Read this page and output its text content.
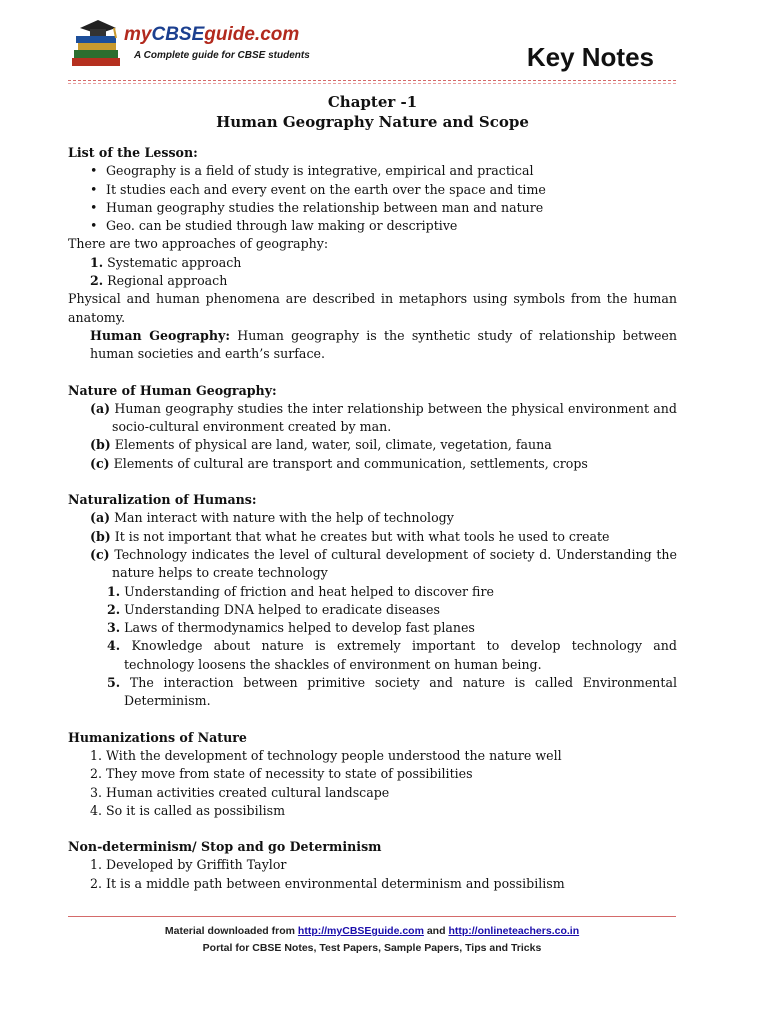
myCBSEguide.com
A Complete guide for CBSE students	Key Notes
Chapter -1
Human Geography Nature and Scope
List of the Lesson:
• Geography is a field of study is integrative, empirical and practical
• It studies each and every event on the earth over the space and time
• Human geography studies the relationship between man and nature
• Geo. can be studied through law making or descriptive
There are two approaches of geography:
1. Systematic approach
2. Regional approach
Physical and human phenomena are described in metaphors using symbols from the human anatomy.
Human Geography: Human geography is the synthetic study of relationship between human societies and earth’s surface.
Nature of Human Geography:
(a) Human geography studies the inter relationship between the physical environment and socio-cultural environment created by man.
(b) Elements of physical are land, water, soil, climate, vegetation, fauna
(c) Elements of cultural are transport and communication, settlements, crops
Naturalization of Humans:
(a) Man interact with nature with the help of technology
(b) It is not important that what he creates but with what tools he used to create
(c) Technology indicates the level of cultural development of society d. Understanding the nature helps to create technology
1. Understanding of friction and heat helped to discover fire
2. Understanding DNA helped to eradicate diseases
3. Laws of thermodynamics helped to develop fast planes
4. Knowledge about nature is extremely important to develop technology and technology loosens the shackles of environment on human being.
5. The interaction between primitive society and nature is called Environmental Determinism.
Humanizations of Nature
1. With the development of technology people understood the nature well
2. They move from state of necessity to state of possibilities
3. Human activities created cultural landscape
4. So it is called as possibilism
Non-determinism/ Stop and go Determinism
1. Developed by Griffith Taylor
2. It is a middle path between environmental determinism and possibilism
Material downloaded from http://myCBSEguide.com and http://onlineteachers.co.in
Portal for CBSE Notes, Test Papers, Sample Papers, Tips and Tricks
